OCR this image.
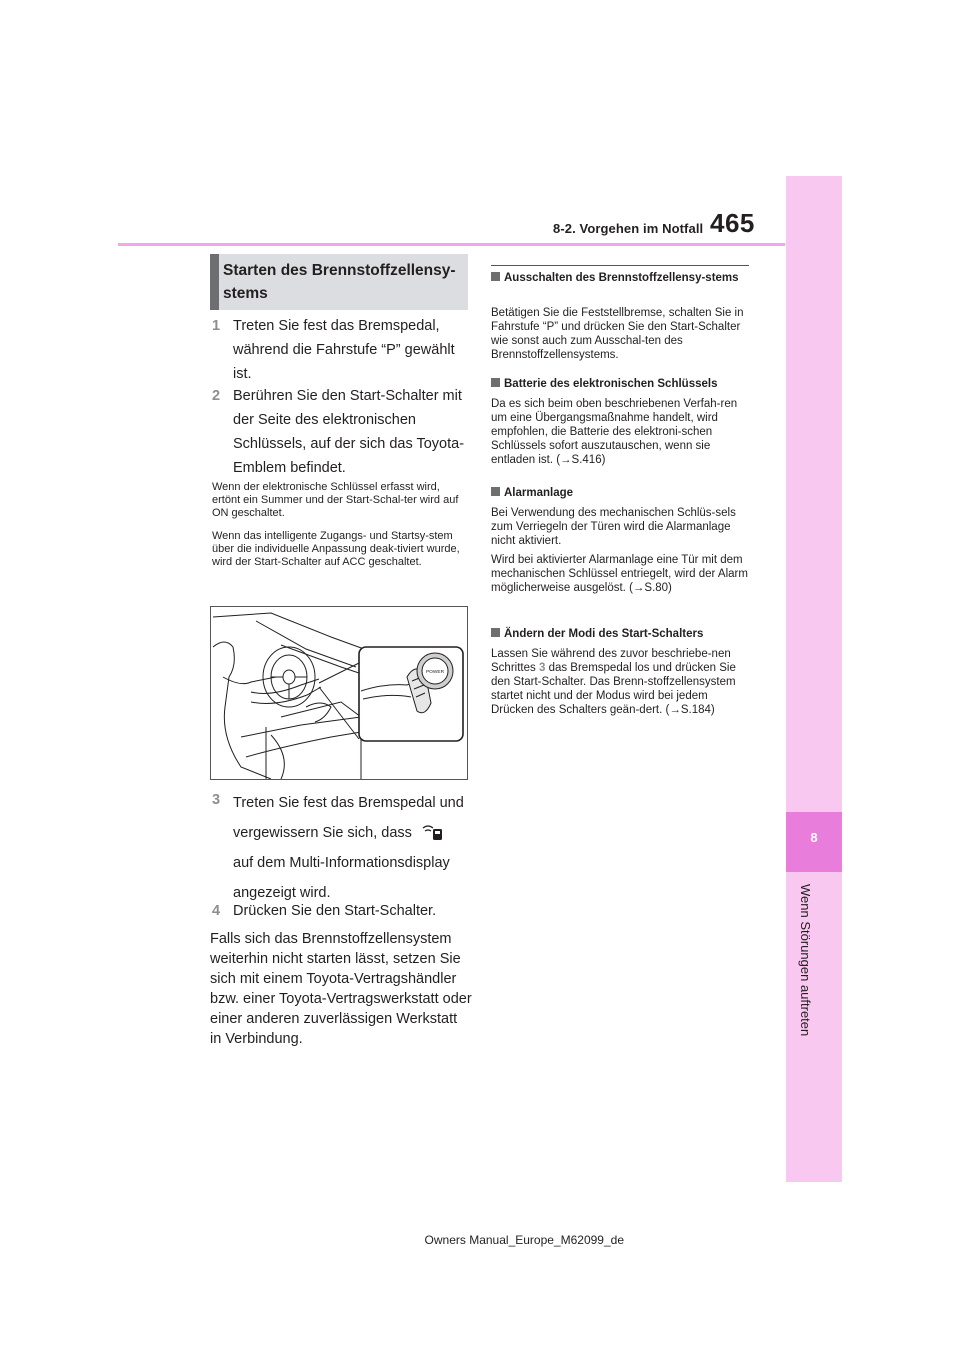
8-2. Vorgehen im Notfall 465
8
Wenn Störungen auftreten
Starten des Brennstoffzellensy-stems
1 Treten Sie fest das Bremspedal, während die Fahrstufe “P” gewählt ist.
2 Berühren Sie den Start-Schalter mit der Seite des elektronischen Schlüssels, auf der sich das Toyota-Emblem befindet.
Wenn der elektronische Schlüssel erfasst wird, ertönt ein Summer und der Start-Schal-ter wird auf ON geschaltet.
Wenn das intelligente Zugangs- und Startsy-stem über die individuelle Anpassung deak-tiviert wurde, wird der Start-Schalter auf ACC geschaltet.
POWER
3 Treten Sie fest das Bremspedal und vergewissern Sie sich, dass
auf dem Multi-Informationsdisplay angezeigt wird.
4 Drücken Sie den Start-Schalter.
Falls sich das Brennstoffzellensystem weiterhin nicht starten lässt, setzen Sie sich mit einem Toyota-Vertragshändler bzw. einer Toyota-Vertragswerkstatt oder einer anderen zuverlässigen Werkstatt in Verbindung.
Ausschalten des Brennstoffzellensy-stems
Betätigen Sie die Feststellbremse, schalten Sie in Fahrstufe “P” und drücken Sie den Start-Schalter wie sonst auch zum Ausschal-ten des Brennstoffzellensystems.
Batterie des elektronischen Schlüssels
Da es sich beim oben beschriebenen Verfah-ren um eine Übergangsmaßnahme handelt, wird empfohlen, die Batterie des elektroni-schen Schlüssels sofort auszutauschen, wenn sie entladen ist. (→S.416)
Alarmanlage
Bei Verwendung des mechanischen Schlüs-sels zum Verriegeln der Türen wird die Alarmanlage nicht aktiviert.
Wird bei aktivierter Alarmanlage eine Tür mit dem mechanischen Schlüssel entriegelt, wird der Alarm möglicherweise ausgelöst. (→S.80)
Ändern der Modi des Start-Schalters
Lassen Sie während des zuvor beschriebe-nen Schrittes 3 das Bremspedal los und drücken Sie den Start-Schalter. Das Brenn-stoffzellensystem startet nicht und der Modus wird bei jedem Drücken des Schalters geän-dert. (→S.184)
Owners Manual_Europe_M62099_de
